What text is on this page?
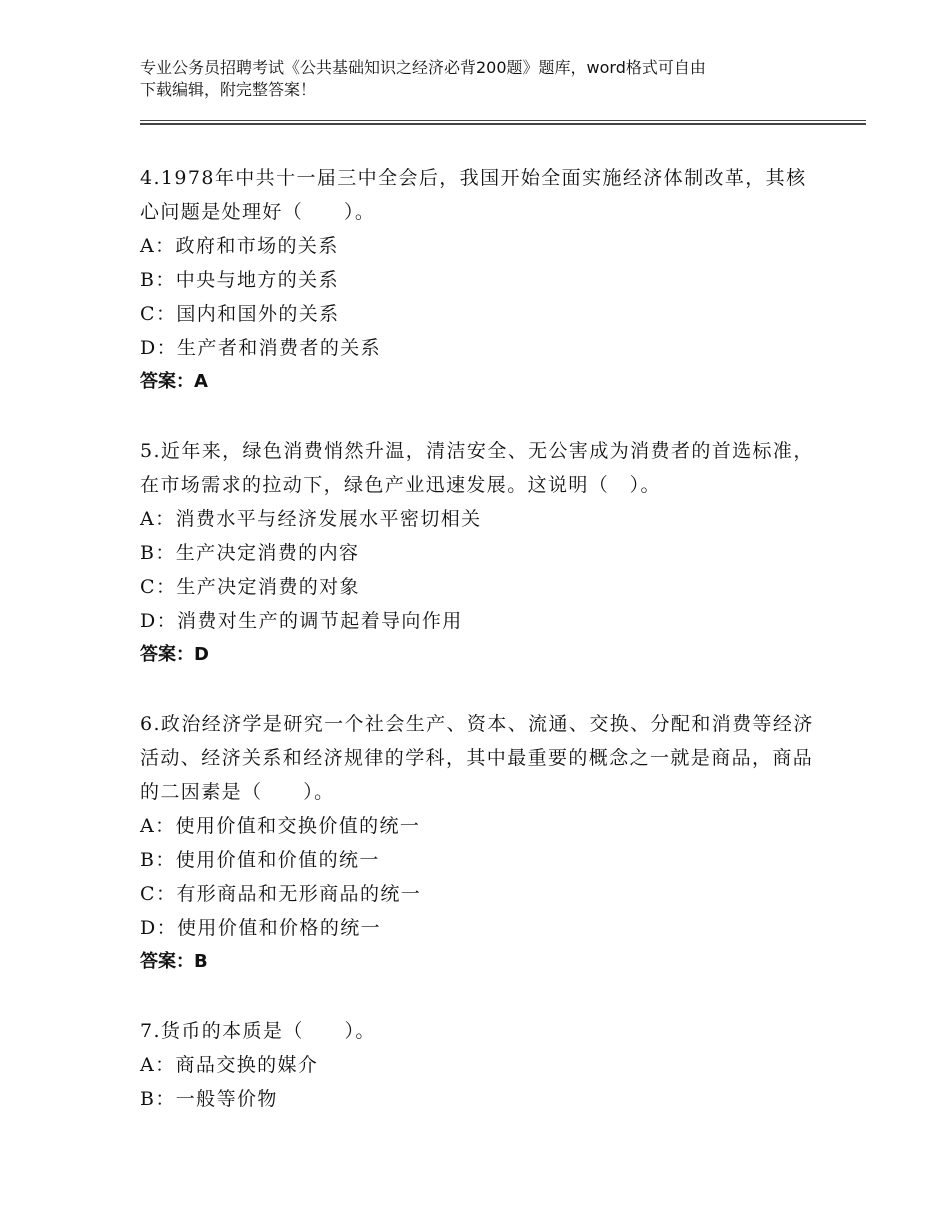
专业公务员招聘考试《公共基础知识之经济必背200题》题库，word格式可自由
下载编辑，附完整答案！
4.1978年中共十一届三中全会后，我国开始全面实施经济体制改革，其核心问题是处理好（　　）。
A：政府和市场的关系
B：中央与地方的关系
C：国内和国外的关系
D：生产者和消费者的关系
答案：A
5.近年来，绿色消费悄然升温，清洁安全、无公害成为消费者的首选标准，在市场需求的拉动下，绿色产业迅速发展。这说明（　）。
A：消费水平与经济发展水平密切相关
B：生产决定消费的内容
C：生产决定消费的对象
D：消费对生产的调节起着导向作用
答案：D
6.政治经济学是研究一个社会生产、资本、流通、交换、分配和消费等经济活动、经济关系和经济规律的学科，其中最重要的概念之一就是商品，商品的二因素是（　　）。
A：使用价值和交换价值的统一
B：使用价值和价值的统一
C：有形商品和无形商品的统一
D：使用价值和价格的统一
答案：B
7.货币的本质是（　　）。
A：商品交换的媒介
B：一般等价物
